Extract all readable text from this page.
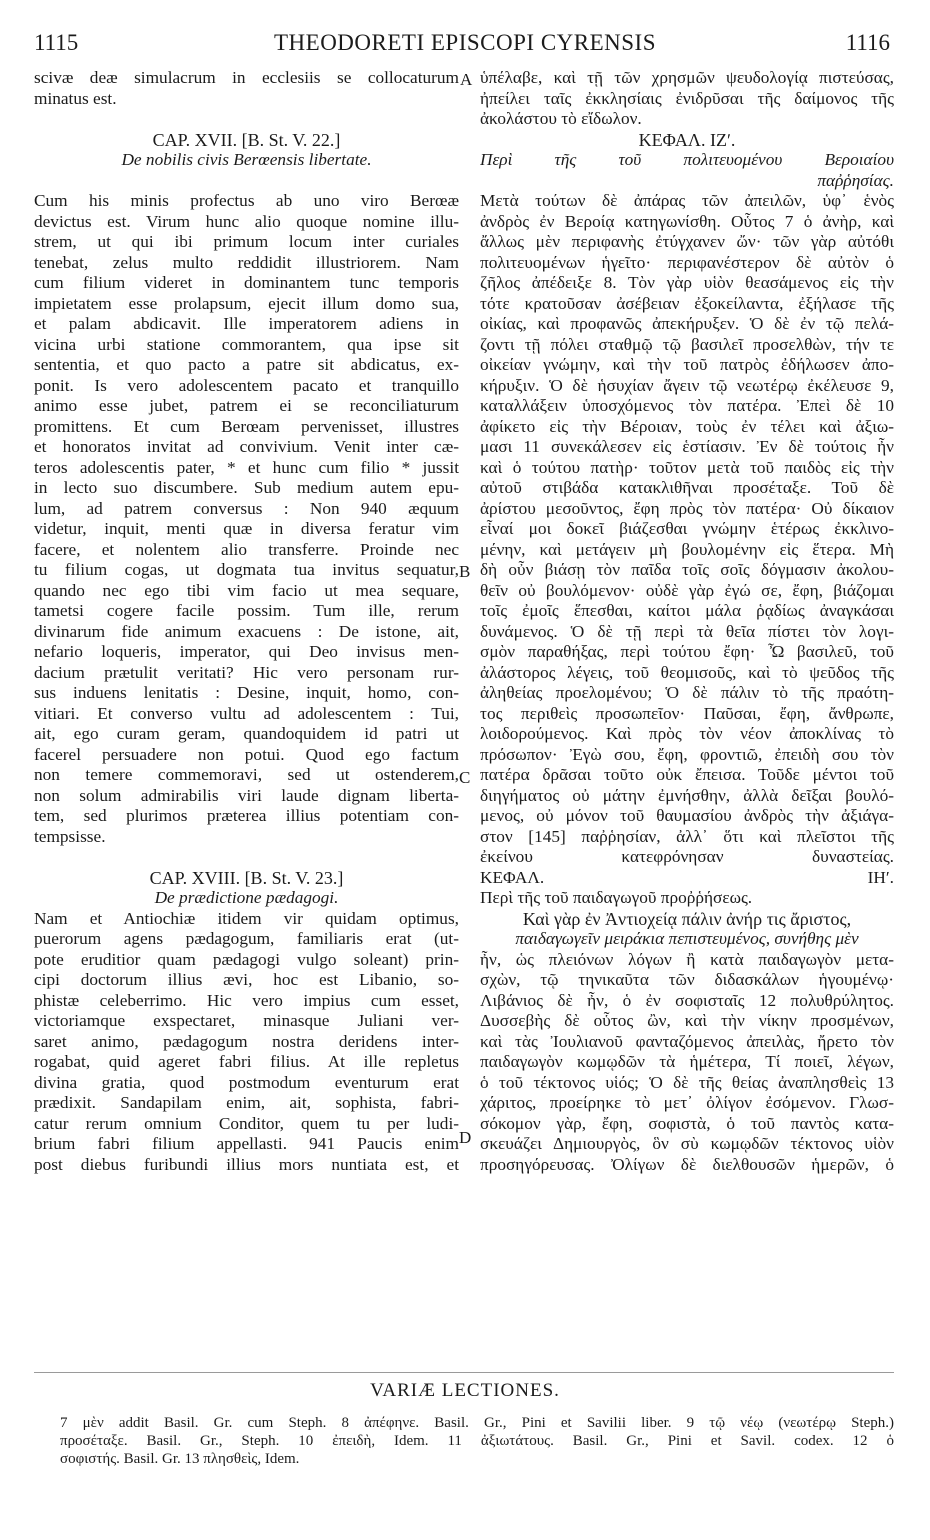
1115	THEODORETI EPISCOPI CYRENSIS	1116
scivæ deæ simulacrum in ecclesiis se collocaturum
minatus est.
CAP. XVII. [B. St. V. 22.]
De nobilis civis Berœensis libertate.
Cum his minis profectus ab uno viro Berœæ
devictus est. Virum hunc alio quoque nomine illu-
strem, ut qui ibi primum locum inter curiales
tenebat, zelus multo reddidit illustriorem. Nam
cum filium videret in dominantem tunc temporis
impietatem esse prolapsum, ejecit illum domo sua,
et palam abdicavit. Ille imperatorem adiens in
vicina urbi statione commorantem, qua ipse sit
sententia, et quo pacto a patre sit abdicatus, ex-
ponit. Is vero adolescentem pacato et tranquillo
animo esse jubet, patrem ei se reconciliaturum
promittens. Et cum Berœam pervenisset, illustres
et honoratos invitat ad convivium. Venit inter cæ-
teros adolescentis pater, * et hunc cum filio * jussit
in lecto suo discumbere. Sub medium autem epu-
lum, ad patrem conversus : Non 940 æquum
videtur, inquit, menti quæ in diversa feratur vim
facere, et nolentem alio transferre. Proinde nec
tu filium cogas, ut dogmata tua invitus sequatur,
quando nec ego tibi vim facio ut mea sequare,
tametsi cogere facile possim. Tum ille, rerum
divinarum fide animum exacuens : De istone, ait,
nefario loqueris, imperator, qui Deo invisus men-
dacium prætulit veritati? Hic vero personam rur-
sus induens lenitatis : Desine, inquit, homo, con-
vitiari. Et converso vultu ad adolescentem : Tui,
ait, ego curam geram, quandoquidem id patri ut
facerel persuadere non potui. Quod ego factum
non temere commemoravi, sed ut ostenderem,
non solum admirabilis viri laude dignam liberta-
tem, sed plurimos præterea illius potentiam con-
tempsisse.
CAP. XVIII. [B. St. V. 23.]
De prædictione pædagogi.
Nam et Antiochiæ itidem vir quidam optimus,
puerorum agens pædagogum, familiaris erat (ut-
pote eruditior quam pædagogi vulgo soleant) prin-
cipi doctorum illius ævi, hoc est Libanio, so-
phistæ celeberrimo. Hic vero impius cum esset,
victoriamque exspectaret, minasque Juliani ver-
saret animo, pædagogum nostra deridens inter-
rogabat, quid ageret fabri filius. At ille repletus
divina gratia, quod postmodum eventurum erat
prædixit. Sandapilam enim, ait, sophista, fabri-
catur rerum omnium Conditor, quem tu per ludi-
brium fabri filium appellasti. 941 Paucis enim
post diebus furibundi illius mors nuntiata est, et
ὑπέλαβε, καὶ τῇ τῶν χρησμῶν ψευδολογίᾳ πιστεύσας,
ἠπείλει ταῖς ἐκκλησίαις ἐνιδρῦσαι τῆς δαίμονος τῆς
ἀκολάστου τὸ εἴδωλον.
ΚΕΦΑΛ. ΙΖʹ.
Περὶ τῆς τοῦ πολιτευομένου Βεροιαίου
παῤῥησίας.
Μετὰ τούτων δὲ ἀπάρας τῶν ἀπειλῶν, ὑφ᾽ ἑνὸς
ἀνδρὸς ἐν Βεροίᾳ κατηγωνίσθη. Οὗτος 7 ὁ ἀνὴρ, καὶ
ἄλλως μὲν περιφανὴς ἐτύγχανεν ὤν· τῶν γὰρ αὐτόθι
πολιτευομένων ἡγεῖτο· περιφανέστερον δὲ αὐτὸν ὁ
ζῆλος ἀπέδειξε 8. Τὸν γὰρ υἱὸν θεασάμενος εἰς τὴν
τότε κρατοῦσαν ἀσέβειαν ἐξοκείλαντα, ἐξήλασε τῆς
οἰκίας, καὶ προφανῶς ἀπεκήρυξεν. Ὁ δὲ ἐν τῷ πελά-
ζοντι τῇ πόλει σταθμῷ τῷ βασιλεῖ προσελθὼν, τήν τε
οἰκείαν γνώμην, καὶ τὴν τοῦ πατρὸς ἐδήλωσεν ἀπο-
κήρυξιν. Ὁ δὲ ἡσυχίαν ἄγειν τῷ νεωτέρῳ ἐκέλευσε 9,
καταλλάξειν ὑποσχόμενος τὸν πατέρα. Ἐπεὶ δὲ 10
ἀφίκετο εἰς τὴν Βέροιαν, τοὺς ἐν τέλει καὶ ἀξιω-
μασι 11 συνεκάλεσεν εἰς ἑστίασιν. Ἐν δὲ τούτοις ἦν
καὶ ὁ τούτου πατὴρ· τοῦτον μετὰ τοῦ παιδὸς εἰς τὴν
αὐτοῦ στιβάδα κατακλιθῆναι προσέταξε. Τοῦ δὲ
ἀρίστου μεσοῦντος, ἔφη πρὸς τὸν πατέρα· Οὐ δίκαιον
εἶναί μοι δοκεῖ βιάζεσθαι γνώμην ἑτέρως ἐκκλινο-
μένην, καὶ μετάγειν μὴ βουλομένην εἰς ἕτερα. Μὴ
δὴ οὖν βιάσῃ τὸν παῖδα τοῖς σοῖς δόγμασιν ἀκολου-
θεῖν οὐ βουλόμενον· οὐδὲ γὰρ ἐγώ σε, ἔφη, βιάζομαι
τοῖς ἐμοῖς ἕπεσθαι, καίτοι μάλα ῥᾳδίως ἀναγκάσαι
δυνάμενος. Ὁ δὲ τῇ περὶ τὰ θεῖα πίστει τὸν λογι-
σμὸν παραθήξας, περὶ τούτου ἔφη· Ὦ βασιλεῦ, τοῦ
ἀλάστορος λέγεις, τοῦ θεομισοῦς, καὶ τὸ ψεῦδος τῆς
ἀληθείας προελομένου; Ὁ δὲ πάλιν τὸ τῆς πραότη-
τος περιθεὶς προσωπεῖον· Παῦσαι, ἔφη, ἄνθρωπε,
λοιδορούμενος. Καὶ πρὸς τὸν νέον ἀποκλίνας τὸ
πρόσωπον· Ἐγὼ σου, ἔφη, φροντιῶ, ἐπειδὴ σου τὸν
πατέρα δρᾶσαι τοῦτο οὐκ ἔπεισα. Τοῦδε μέντοι τοῦ
διηγήματος οὐ μάτην ἐμνήσθην, ἀλλὰ δεῖξαι βουλό-
μενος, οὐ μόνον τοῦ θαυμασίου ἀνδρὸς τὴν ἀξιάγα-
στον [145] παῤῥησίαν, ἀλλ᾽ ὅτι καὶ πλεῖστοι τῆς
ἐκείνου κατεφρόνησαν δυναστείας.
ΚΕΦΑΛ. ΙΗʹ.
Περὶ τῆς τοῦ παιδαγωγοῦ προῤῥήσεως.
Καὶ γὰρ ἐν Ἀντιοχείᾳ πάλιν ἀνήρ τις ἄριστος,
παιδαγωγεῖν μειράκια πεπιστευμένος, συνήθης μὲν
ἦν, ὡς πλειόνων λόγων ἢ κατὰ παιδαγωγὸν μετα-
σχὼν, τῷ τηνικαῦτα τῶν διδασκάλων ἡγουμένῳ·
Λιβάνιος δὲ ἦν, ὁ ἐν σοφισταῖς 12 πολυθρύλητος.
Δυσσεβὴς δὲ οὗτος ὢν, καὶ τὴν νίκην προσμένων,
καὶ τὰς Ἰουλιανοῦ φανταζόμενος ἀπειλὰς, ἤρετο τὸν
παιδαγωγὸν κωμῳδῶν τὰ ἡμέτερα, Τί ποιεῖ, λέγων,
ὁ τοῦ τέκτονος υἱός; Ὁ δὲ τῆς θείας ἀναπλησθεὶς 13
χάριτος, προείρηκε τὸ μετ᾽ ὀλίγον ἐσόμενον. Γλωσ-
σόκομον γὰρ, ἔφη, σοφιστὰ, ὁ τοῦ παντὸς κατα-
σκευάζει Δημιουργὸς, ὃν σὺ κωμῳδῶν τέκτονος υἱὸν
προσηγόρευσας. Ὀλίγων δὲ διελθουσῶν ἡμερῶν, ὁ
A
B
C
D
VARIÆ LECTIONES.
7 μὲν addit Basil. Gr. cum Steph. 8 ἀπέφηνε. Basil. Gr., Pini et Savilii liber. 9 τῷ νέῳ (νεωτέρῳ Steph.)
προσέταξε. Basil. Gr., Steph. 10 ἐπειδὴ, Idem. 11 ἀξιωτάτους. Basil. Gr., Pini et Savil. codex. 12 ὁ
σοφιστής. Basil. Gr. 13 πλησθεὶς, Idem.
